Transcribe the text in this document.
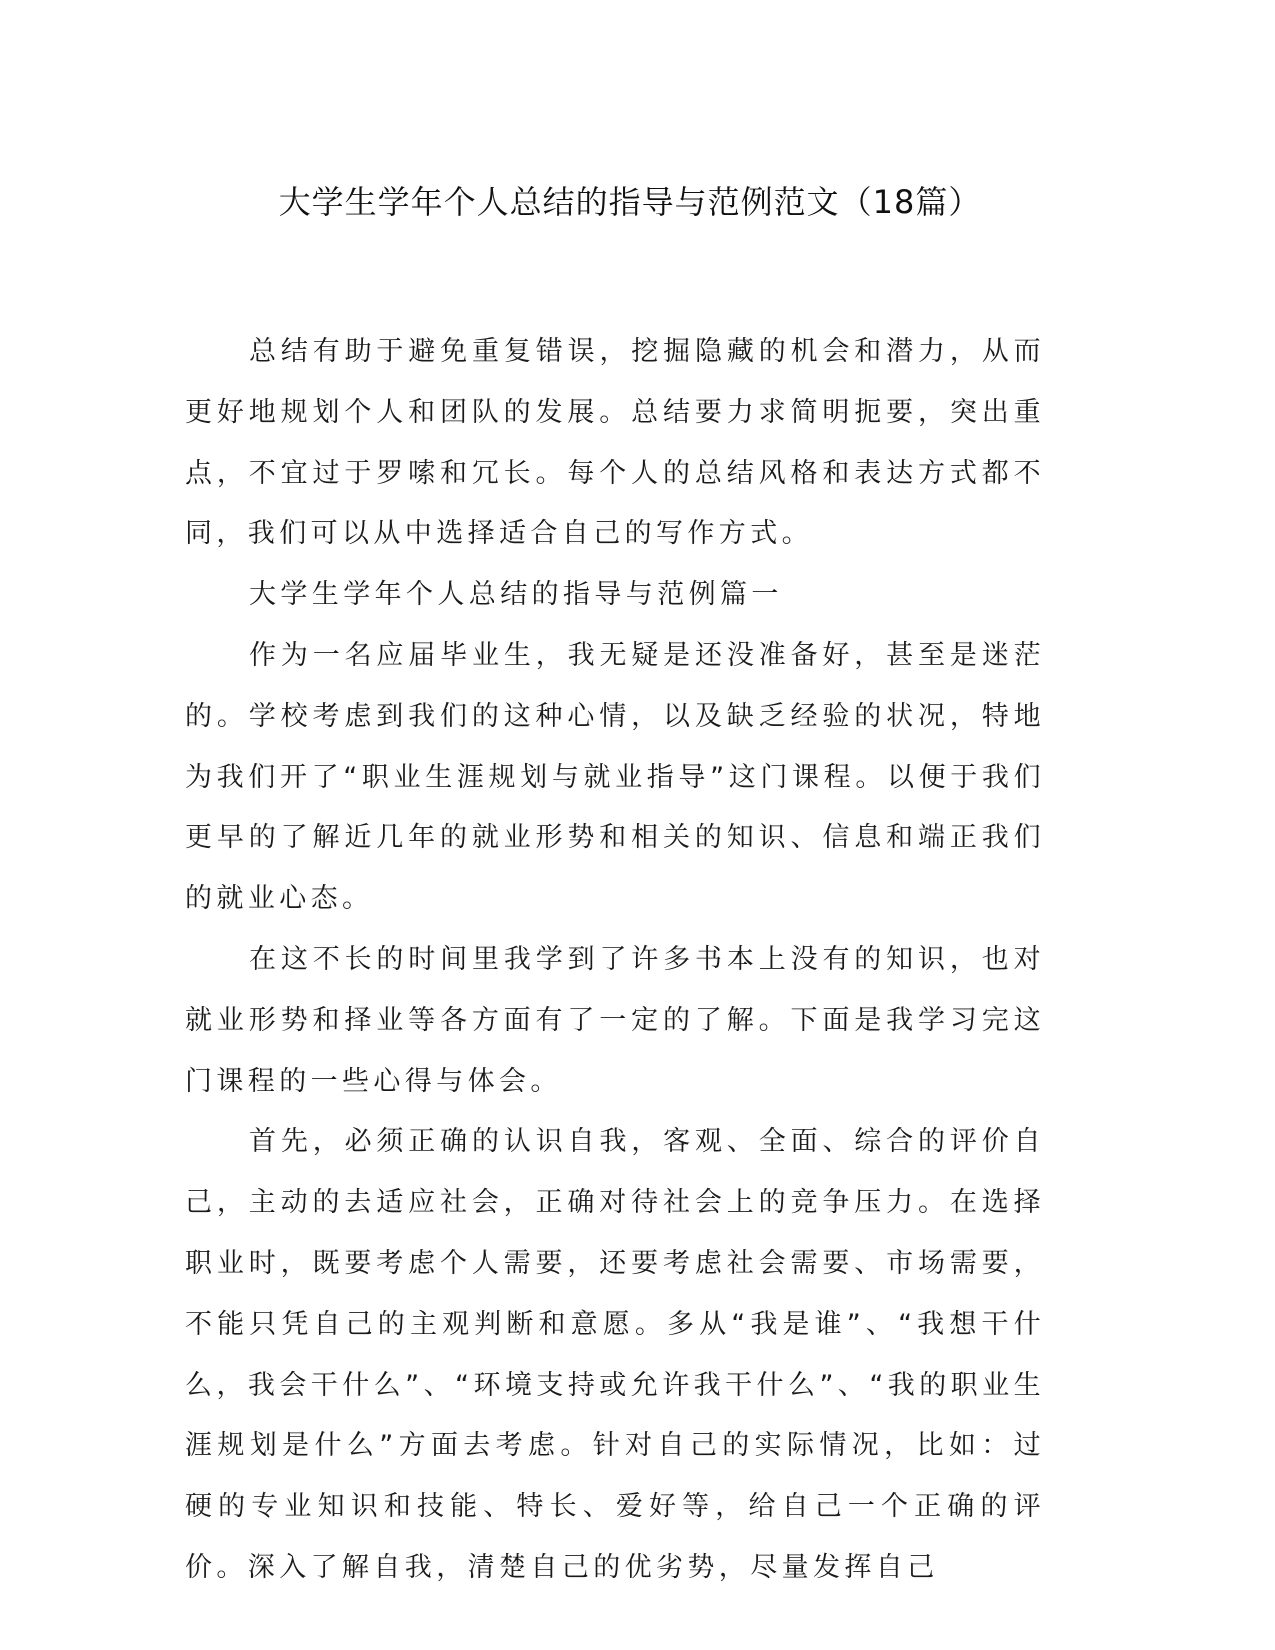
大学生学年个人总结的指导与范例范文（18篇）

总结有助于避免重复错误，挖掘隐藏的机会和潜力，从而更好地规划个人和团队的发展。总结要力求简明扼要，突出重点，不宜过于罗嗦和冗长。每个人的总结风格和表达方式都不同，我们可以从中选择适合自己的写作方式。

大学生学年个人总结的指导与范例篇一

作为一名应届毕业生，我无疑是还没准备好，甚至是迷茫的。学校考虑到我们的这种心情，以及缺乏经验的状况，特地为我们开了“职业生涯规划与就业指导”这门课程。以便于我们更早的了解近几年的就业形势和相关的知识、信息和端正我们的就业心态。

在这不长的时间里我学到了许多书本上没有的知识，也对就业形势和择业等各方面有了一定的了解。下面是我学习完这门课程的一些心得与体会。

首先，必须正确的认识自我，客观、全面、综合的评价自己，主动的去适应社会，正确对待社会上的竞争压力。在选择职业时，既要考虑个人需要，还要考虑社会需要、市场需要，不能只凭自己的主观判断和意愿。多从“我是谁”、“我想干什么，我会干什么”、“环境支持或允许我干什么”、“我的职业生涯规划是什么”方面去考虑。针对自己的实际情况，比如：过硬的专业知识和技能、特长、爱好等，给自己一个正确的评价。深入了解自我，清楚自己的优劣势，尽量发挥自己
